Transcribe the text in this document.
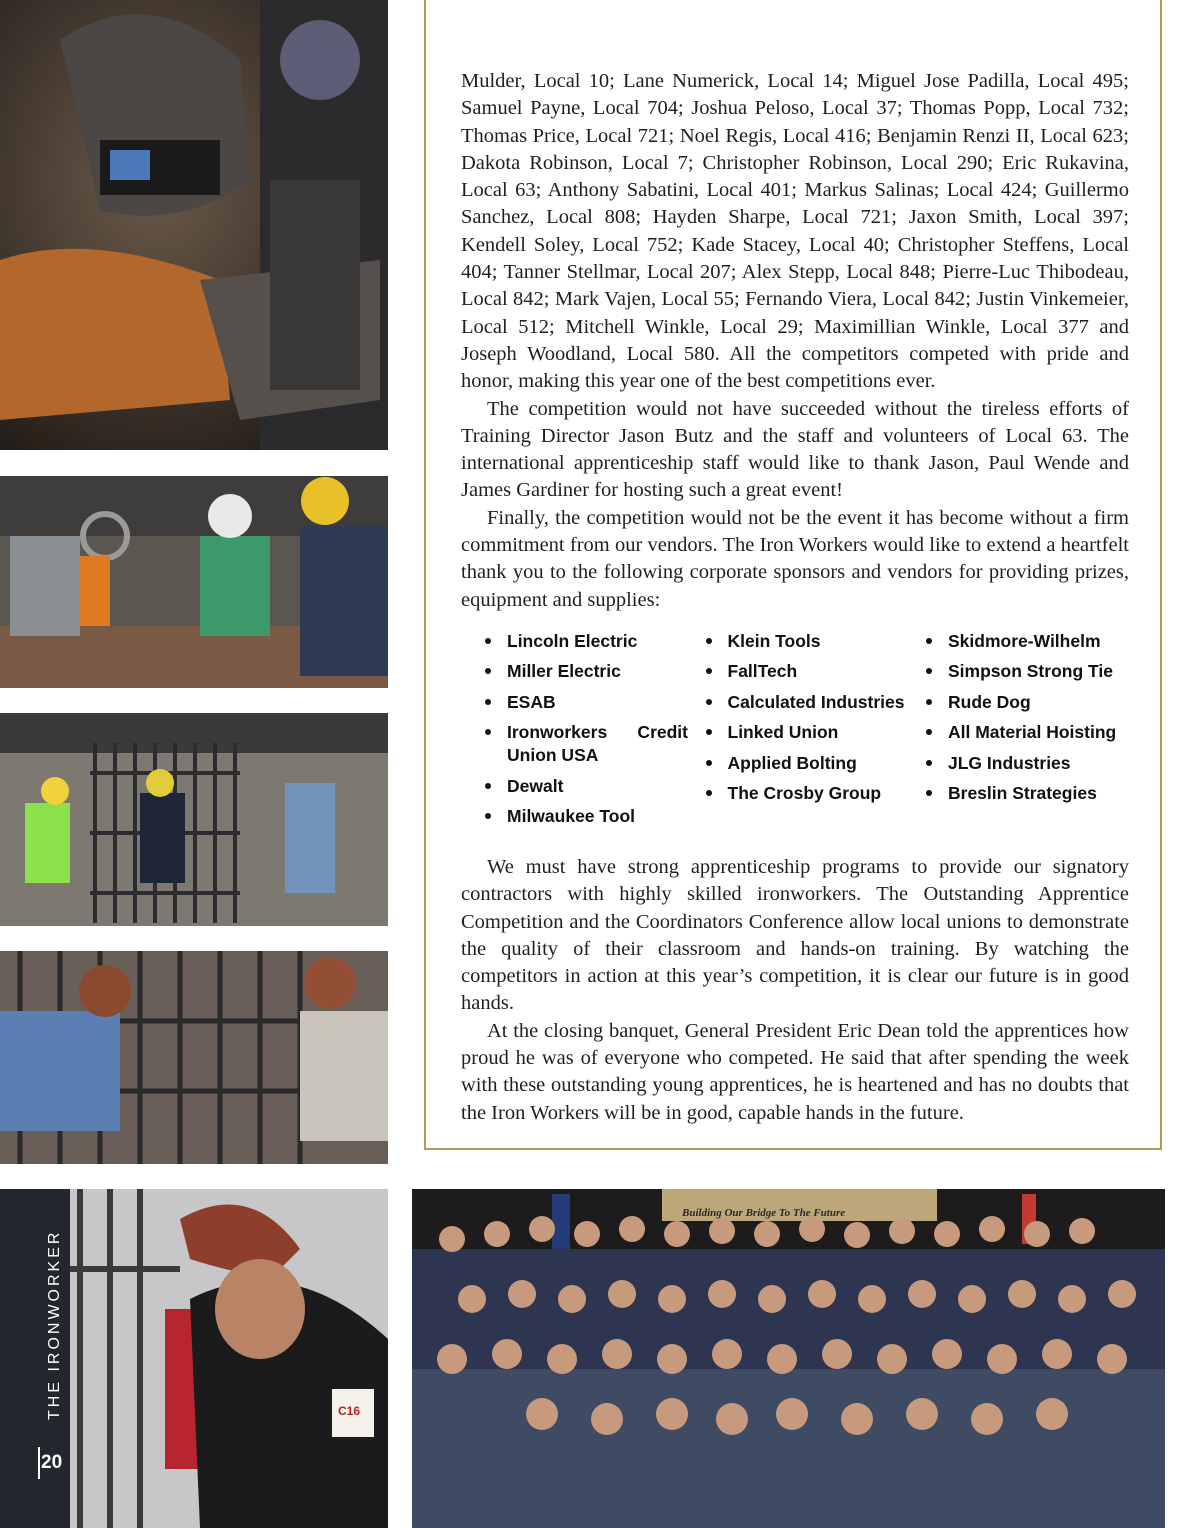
C16
Building Our Bridge To The Future
THE IRONWORKER
20

Mulder, Local 10; Lane Numerick, Local 14; Miguel Jose Padilla, Local 495; Samuel Payne, Local 704; Joshua Peloso, Local 37; Thomas Popp, Local 732; Thomas Price, Local 721; Noel Regis, Local 416; Benjamin Renzi II, Local 623; Dakota Robinson, Local 7; Christopher Robinson, Local 290; Eric Rukavina, Local 63; Anthony Sabatini, Local 401; Markus Salinas; Local 424; Guillermo Sanchez, Local 808; Hayden Sharpe, Local 721; Jaxon Smith, Local 397; Kendell Soley, Local 752; Kade Stacey, Local 40; Christopher Steffens, Local 404; Tanner Stellmar, Local 207; Alex Stepp, Local 848; Pierre-Luc Thibodeau, Local 842; Mark Vajen, Local 55; Fernando Viera, Local 842; Justin Vinkemeier, Local 512; Mitchell Winkle, Local 29; Maximillian Winkle, Local 377 and Joseph Woodland, Local 580. All the competitors competed with pride and honor, making this year one of the best competitions ever.

The competition would not have succeeded without the tireless efforts of Training Director Jason Butz and the staff and volunteers of Local 63. The international apprenticeship staff would like to thank Jason, Paul Wende and James Gardiner for hosting such a great event!

Finally, the competition would not be the event it has become without a firm commitment from our vendors. The Iron Workers would like to extend a heartfelt thank you to the following corporate sponsors and vendors for providing prizes, equipment and supplies:

Lincoln Electric
Miller Electric
ESAB
Ironworkers Credit Union USA
Dewalt
Milwaukee Tool
Klein Tools
FallTech
Calculated Industries
Linked Union
Applied Bolting
The Crosby Group
Skidmore-Wilhelm
Simpson Strong Tie
Rude Dog
All Material Hoisting
JLG Industries
Breslin Strategies

We must have strong apprenticeship programs to provide our signatory contractors with highly skilled ironworkers. The Outstanding Apprentice Competition and the Coordinators Conference allow local unions to demonstrate the quality of their classroom and hands-on training. By watching the competitors in action at this year’s competition, it is clear our future is in good hands.

At the closing banquet, General President Eric Dean told the apprentices how proud he was of everyone who competed. He said that after spending the week with these outstanding young apprentices, he is heartened and has no doubts that the Iron Workers will be in good, capable hands in the future.
